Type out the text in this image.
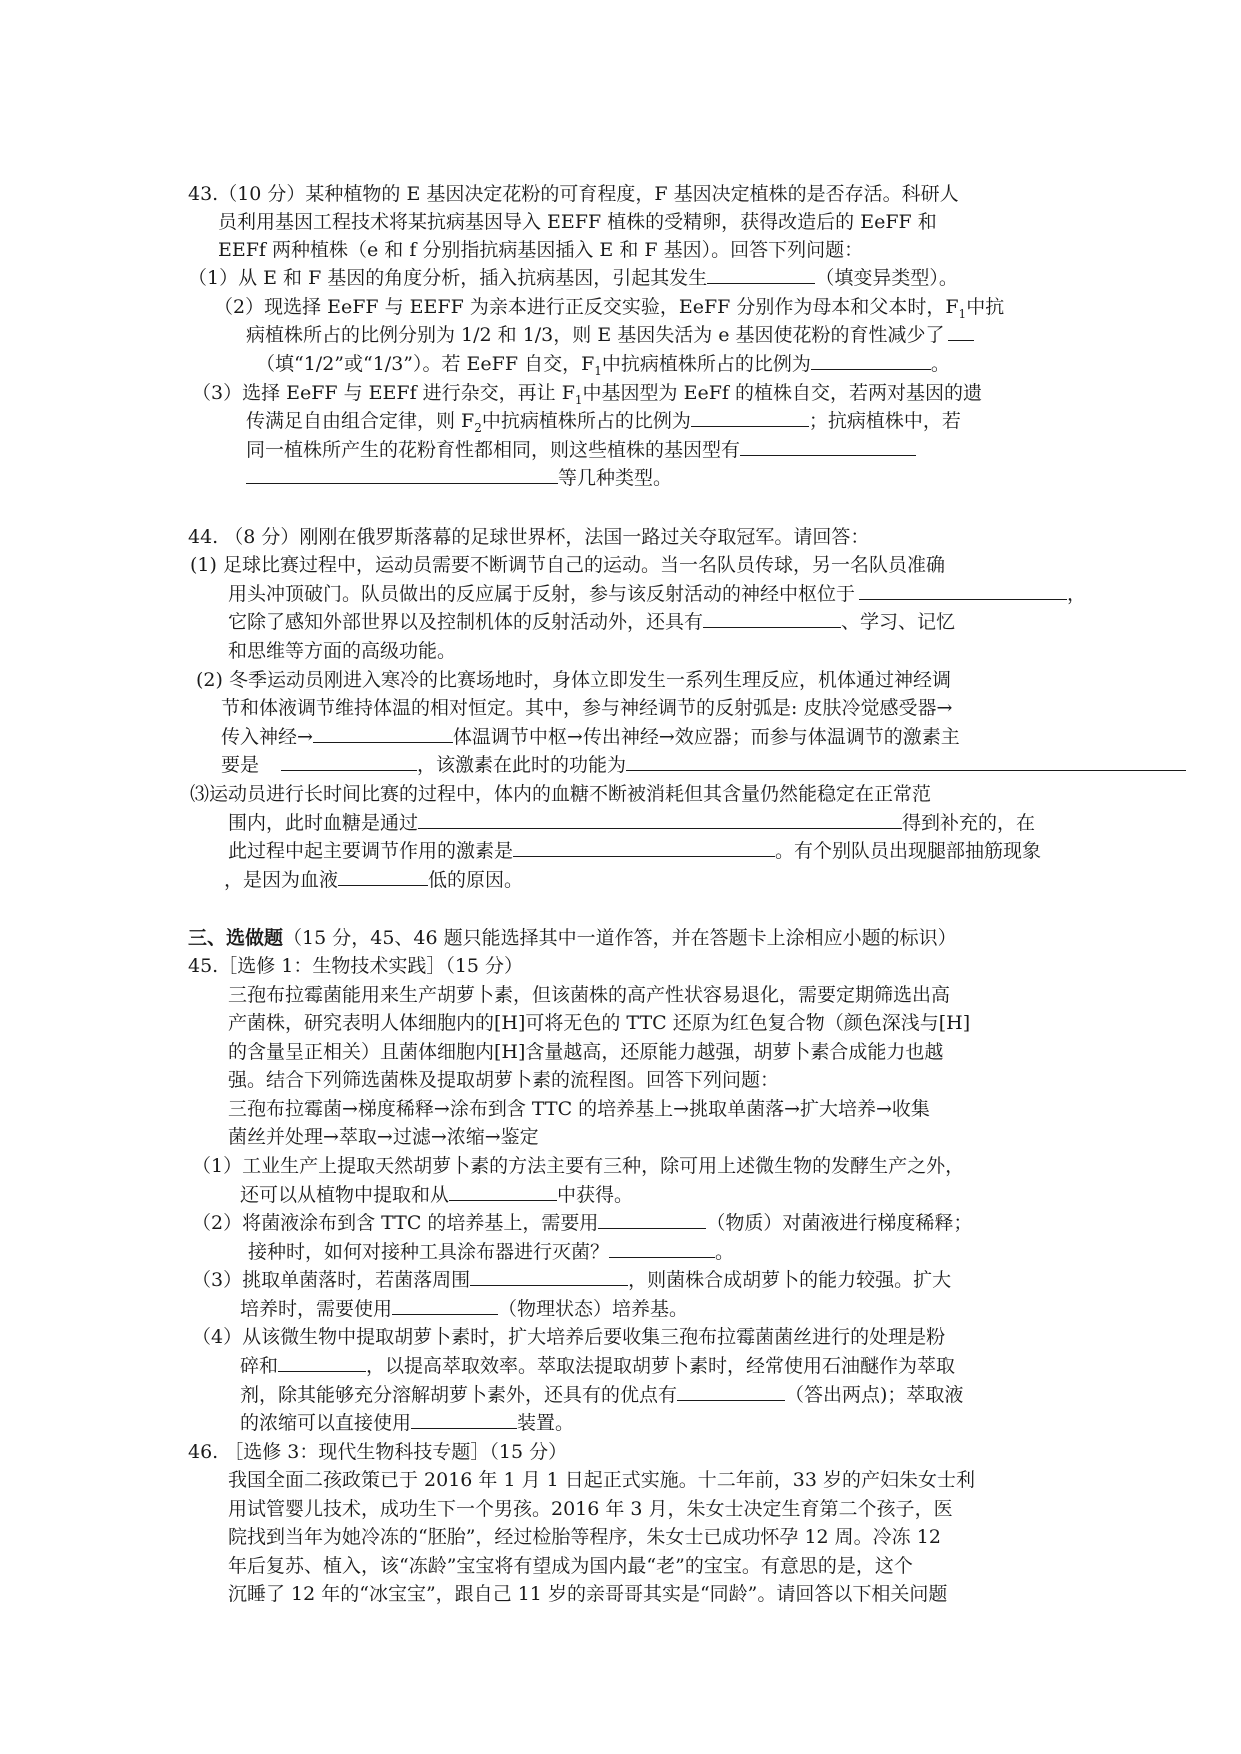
43.（10 分）某种植物的 E 基因决定花粉的可育程度，F 基因决定植株的是否存活。科研人
员利用基因工程技术将某抗病基因导入 EEFF 植株的受精卵，获得改造后的 EeFF 和
EEFf 两种植株（e 和 f 分别指抗病基因插入 E 和 F 基因）。回答下列问题：
（1）从 E 和 F 基因的角度分析，插入抗病基因，引起其发生	（填变异类型）。
（2）现选择 EeFF 与 EEFF 为亲本进行正反交实验，EeFF 分别作为母本和父本时，$F_1$中抗
病植株所占的比例分别为 1/2 和 1/3，则 E 基因失活为 e 基因使花粉的育性减少了
（填“1/2”或“1/3”）。若 EeFF 自交，$F_1$中抗病植株所占的比例为	。
（3）选择 EeFF 与 EEFf 进行杂交，再让 $F_1$中基因型为 EeFf 的植株自交，若两对基因的遗
传满足自由组合定律，则 $F_2$中抗病植株所占的比例为	；抗病植株中，若
同一植株所产生的花粉育性都相同，则这些植株的基因型有
等几种类型。
44. （8 分）刚刚在俄罗斯落幕的足球世界杯，法国一路过关夺取冠军。请回答：
(1) 足球比赛过程中，运动员需要不断调节自己的运动。当一名队员传球，另一名队员准确
用头冲顶破门。队员做出的反应属于反射，参与该反射活动的神经中枢位于	，
它除了感知外部世界以及控制机体的反射活动外，还具有	、学习、记忆
和思维等方面的高级功能。
(2) 冬季运动员刚进入寒冷的比赛场地时，身体立即发生一系列生理反应，机体通过神经调
节和体液调节维持体温的相对恒定。其中，参与神经调节的反射弧是: 皮肤冷觉感受器→
传入神经→	体温调节中枢→传出神经→效应器；而参与体温调节的激素主
要是	，该激素在此时的功能为
⑶运动员进行长时间比赛的过程中，体内的血糖不断被消耗但其含量仍然能稳定在正常范
围内，此时血糖是通过	得到补充的，在
此过程中起主要调节作用的激素是	。有个别队员出现腿部抽筋现象
，是因为血液	低的原因。
三、选做题（15 分，45、46 题只能选择其中一道作答，并在答题卡上涂相应小题的标识）
45.［选修 1：生物技术实践］（15 分）
三孢布拉霉菌能用来生产胡萝卜素，但该菌株的高产性状容易退化，需要定期筛选出高
产菌株，研究表明人体细胞内的[H]可将无色的 TTC 还原为红色复合物（颜色深浅与[H]
的含量呈正相关）且菌体细胞内[H]含量越高，还原能力越强，胡萝卜素合成能力也越
强。结合下列筛选菌株及提取胡萝卜素的流程图。回答下列问题：
三孢布拉霉菌→梯度稀释→涂布到含 TTC 的培养基上→挑取单菌落→扩大培养→收集
菌丝并处理→萃取→过滤→浓缩→鉴定
（1）工业生产上提取天然胡萝卜素的方法主要有三种，除可用上述微生物的发酵生产之外，
还可以从植物中提取和从	中获得。
（2）将菌液涂布到含 TTC 的培养基上，需要用	（物质）对菌液进行梯度稀释；
接种时，如何对接种工具涂布器进行灭菌？	。
（3）挑取单菌落时，若菌落周围	，则菌株合成胡萝卜的能力较强。扩大
培养时，需要使用	（物理状态）培养基。
（4）从该微生物中提取胡萝卜素时，扩大培养后要收集三孢布拉霉菌菌丝进行的处理是粉
碎和	，以提高萃取效率。萃取法提取胡萝卜素时，经常使用石油醚作为萃取
剂，除其能够充分溶解胡萝卜素外，还具有的优点有	（答出两点)；萃取液
的浓缩可以直接使用	装置。
46. ［选修 3：现代生物科技专题］（15 分）
我国全面二孩政策已于 2016 年 1 月 1 日起正式实施。十二年前，33 岁的产妇朱女士利
用试管婴儿技术，成功生下一个男孩。2016 年 3 月，朱女士决定生育第二个孩子，医
院找到当年为她冷冻的“胚胎”，经过检胎等程序，朱女士已成功怀孕 12 周。冷冻 12
年后复苏、植入，该“冻龄”宝宝将有望成为国内最“老”的宝宝。有意思的是，这个
沉睡了 12 年的“冰宝宝”，跟自己 11 岁的亲哥哥其实是“同龄”。请回答以下相关问题
